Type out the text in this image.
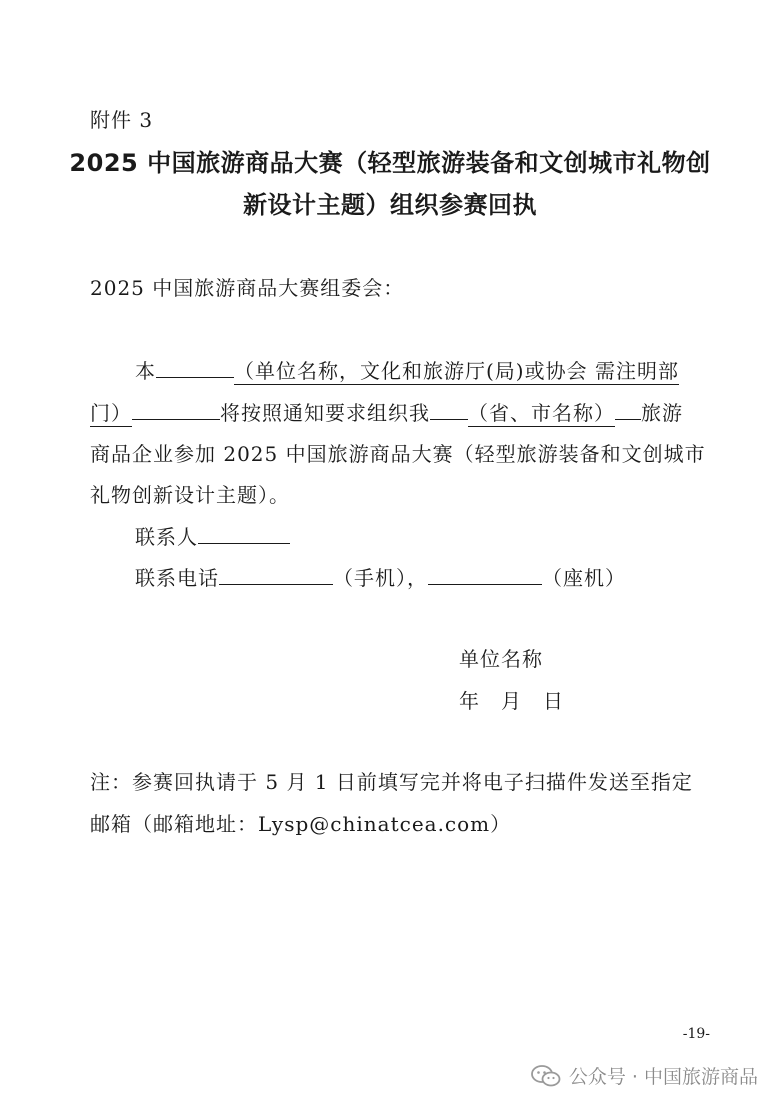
附件 3
2025 中国旅游商品大赛（轻型旅游装备和文创城市礼物创
新设计主题）组织参赛回执
2025 中国旅游商品大赛组委会：
本	（单位名称，文化和旅游厅(局)或协会 需注明部
门）	将按照通知要求组织我 （省、市名称） 旅游
商品企业参加 2025 中国旅游商品大赛（轻型旅游装备和文创城市
礼物创新设计主题）。
联系人
联系电话	（手机），	（座机）
单位名称
年　月　日
注：参赛回执请于 5 月 1 日前填写完并将电子扫描件发送至指定
邮箱（邮箱地址：Lysp@chinatcea.com）
-19-
公众号 · 中国旅游商品
